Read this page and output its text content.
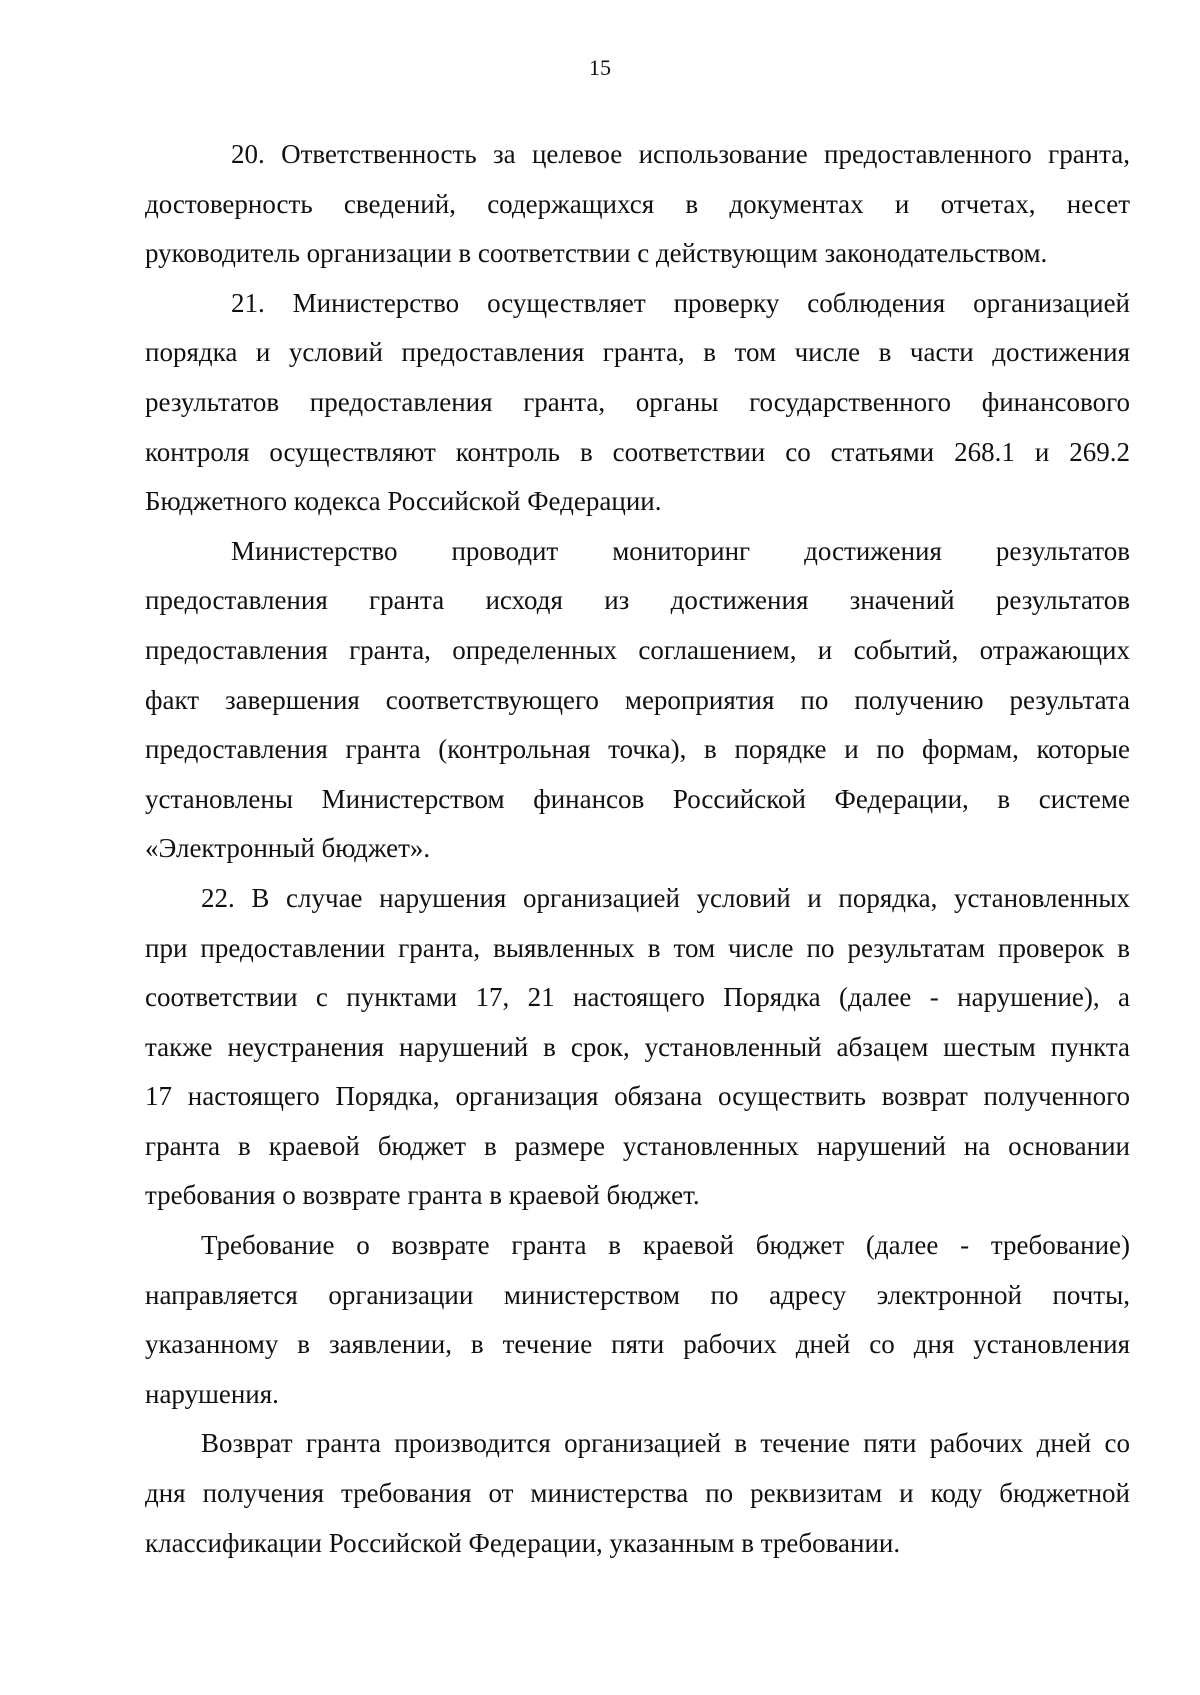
15
20. Ответственность за целевое использование предоставленного гранта,
достоверность сведений, содержащихся в документах и отчетах, несет
руководитель организации в соответствии с действующим законодательством.
21. Министерство осуществляет проверку соблюдения организацией
порядка и условий предоставления гранта, в том числе в части достижения
результатов предоставления гранта, органы государственного финансового
контроля осуществляют контроль в соответствии со статьями 268.1 и 269.2
Бюджетного кодекса Российской Федерации.
Министерство проводит мониторинг достижения результатов
предоставления гранта исходя из достижения значений результатов
предоставления гранта, определенных соглашением, и событий, отражающих
факт завершения соответствующего мероприятия по получению результата
предоставления гранта (контрольная точка), в порядке и по формам, которые
установлены Министерством финансов Российской Федерации, в системе
«Электронный бюджет».
22. В случае нарушения организацией условий и порядка, установленных
при предоставлении гранта, выявленных в том числе по результатам проверок в
соответствии с пунктами 17, 21 настоящего Порядка (далее - нарушение), а
также неустранения нарушений в срок, установленный абзацем шестым пункта
17 настоящего Порядка, организация обязана осуществить возврат полученного
гранта в краевой бюджет в размере установленных нарушений на основании
требования о возврате гранта в краевой бюджет.
Требование о возврате гранта в краевой бюджет (далее - требование)
направляется организации министерством по адресу электронной почты,
указанному в заявлении, в течение пяти рабочих дней со дня установления
нарушения.
Возврат гранта производится организацией в течение пяти рабочих дней со
дня получения требования от министерства по реквизитам и коду бюджетной
классификации Российской Федерации, указанным в требовании.
